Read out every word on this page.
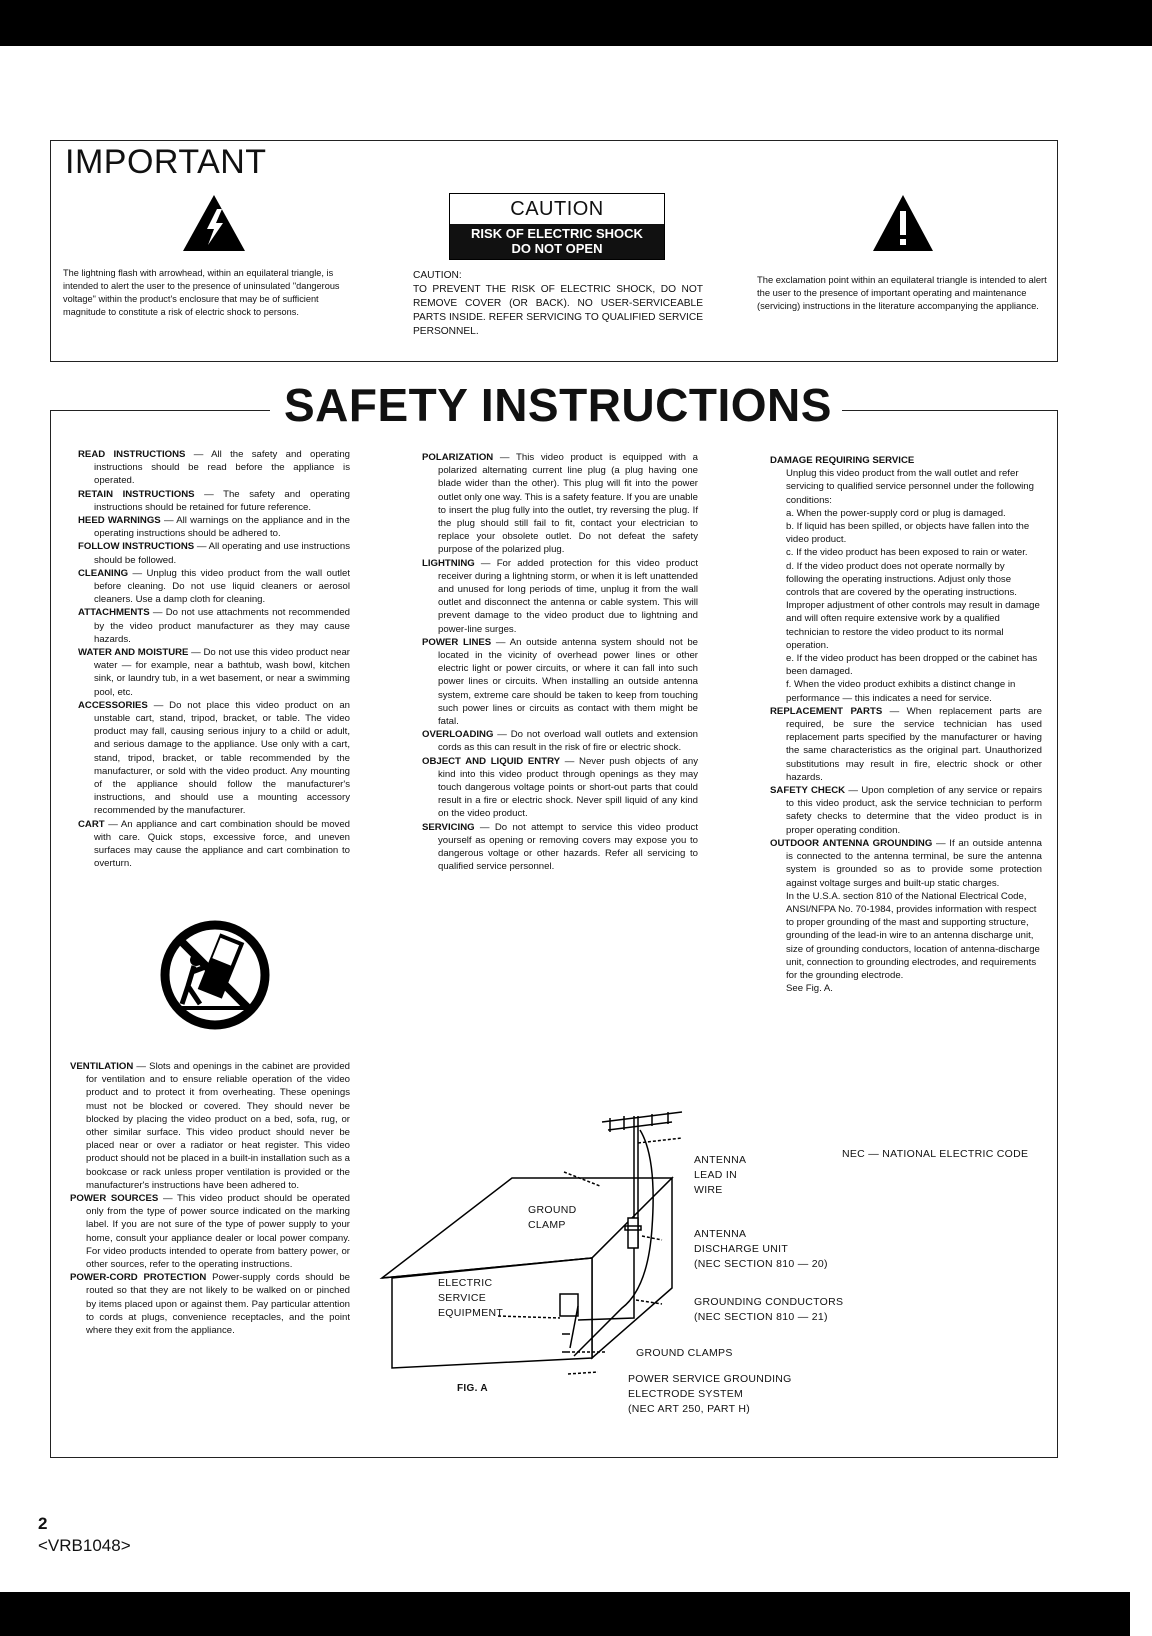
IMPORTANT
CAUTION
RISK OF ELECTRIC SHOCK
DO NOT OPEN
The lightning flash with arrowhead, within an equilateral triangle, is intended to alert the user to the presence of uninsulated "dangerous voltage" within the product's enclosure that may be of sufficient magnitude to constitute a risk of electric shock to persons.
CAUTION:
TO PREVENT THE RISK OF ELECTRIC SHOCK, DO NOT REMOVE COVER (OR BACK). NO USER-SERVICEABLE PARTS INSIDE. REFER SERVICING TO QUALIFIED SERVICE PERSONNEL.
The exclamation point within an equilateral triangle is intended to alert the user to the presence of important operating and maintenance (servicing) instructions in the literature accompanying the appliance.
SAFETY INSTRUCTIONS

READ INSTRUCTIONS — All the safety and operating instructions should be read before the appliance is operated.

RETAIN INSTRUCTIONS — The safety and operating instructions should be retained for future reference.

HEED WARNINGS — All warnings on the appliance and in the operating instructions should be adhered to.

FOLLOW INSTRUCTIONS — All operating and use instructions should be followed.

CLEANING — Unplug this video product from the wall outlet before cleaning. Do not use liquid cleaners or aerosol cleaners. Use a damp cloth for cleaning.

ATTACHMENTS — Do not use attachments not recommended by the video product manufacturer as they may cause hazards.

WATER AND MOISTURE — Do not use this video product near water — for example, near a bathtub, wash bowl, kitchen sink, or laundry tub, in a wet basement, or near a swimming pool, etc.

ACCESSORIES — Do not place this video product on an unstable cart, stand, tripod, bracket, or table. The video product may fall, causing serious injury to a child or adult, and serious damage to the appliance. Use only with a cart, stand, tripod, bracket, or table recommended by the manufacturer, or sold with the video product. Any mounting of the appliance should follow the manufacturer's instructions, and should use a mounting accessory recommended by the manufacturer.

CART — An appliance and cart combination should be moved with care. Quick stops, excessive force, and uneven surfaces may cause the appliance and cart combination to overturn.

VENTILATION — Slots and openings in the cabinet are provided for ventilation and to ensure reliable operation of the video product and to protect it from overheating. These openings must not be blocked or covered. They should never be blocked by placing the video product on a bed, sofa, rug, or other similar surface. This video product should never be placed near or over a radiator or heat register. This video product should not be placed in a built-in installation such as a bookcase or rack unless proper ventilation is provided or the manufacturer's instructions have been adhered to.

POWER SOURCES — This video product should be operated only from the type of power source indicated on the marking label. If you are not sure of the type of power supply to your home, consult your appliance dealer or local power company. For video products intended to operate from battery power, or other sources, refer to the operating instructions.

POWER-CORD PROTECTION Power-supply cords should be routed so that they are not likely to be walked on or pinched by items placed upon or against them. Pay particular attention to cords at plugs, convenience receptacles, and the point where they exit from the appliance.

POLARIZATION — This video product is equipped with a polarized alternating current line plug (a plug having one blade wider than the other). This plug will fit into the power outlet only one way. This is a safety feature. If you are unable to insert the plug fully into the outlet, try reversing the plug. If the plug should still fail to fit, contact your electrician to replace your obsolete outlet. Do not defeat the safety purpose of the polarized plug.

LIGHTNING — For added protection for this video product receiver during a lightning storm, or when it is left unattended and unused for long periods of time, unplug it from the wall outlet and disconnect the antenna or cable system. This will prevent damage to the video product due to lightning and power-line surges.

POWER LINES — An outside antenna system should not be located in the vicinity of overhead power lines or other electric light or power circuits, or where it can fall into such power lines or circuits. When installing an outside antenna system, extreme care should be taken to keep from touching such power lines or circuits as contact with them might be fatal.

OVERLOADING — Do not overload wall outlets and extension cords as this can result in the risk of fire or electric shock.

OBJECT AND LIQUID ENTRY — Never push objects of any kind into this video product through openings as they may touch dangerous voltage points or short-out parts that could result in a fire or electric shock. Never spill liquid of any kind on the video product.

SERVICING — Do not attempt to service this video product yourself as opening or removing covers may expose you to dangerous voltage or other hazards. Refer all servicing to qualified service personnel.

DAMAGE REQUIRING SERVICE

Unplug this video product from the wall outlet and refer servicing to qualified service personnel under the following conditions:
a. When the power-supply cord or plug is damaged.
b. If liquid has been spilled, or objects have fallen into the video product.
c. If the video product has been exposed to rain or water.
d. If the video product does not operate normally by following the operating instructions. Adjust only those controls that are covered by the operating instructions. Improper adjustment of other controls may result in damage and will often require extensive work by a qualified technician to restore the video product to its normal operation.
e. If the video product has been dropped or the cabinet has been damaged.
f. When the video product exhibits a distinct change in performance — this indicates a need for service.

REPLACEMENT PARTS — When replacement parts are required, be sure the service technician has used replacement parts specified by the manufacturer or having the same characteristics as the original part. Unauthorized substitutions may result in fire, electric shock or other hazards.

SAFETY CHECK — Upon completion of any service or repairs to this video product, ask the service technician to perform safety checks to determine that the video product is in proper operating condition.

OUTDOOR ANTENNA GROUNDING — If an outside antenna is connected to the antenna terminal, be sure the antenna system is grounded so as to provide some protection against voltage surges and built-up static charges.

In the U.S.A. section 810 of the National Electrical Code, ANSI/NFPA No. 70-1984, provides information with respect to proper grounding of the mast and supporting structure, grounding of the lead-in wire to an antenna discharge unit, size of grounding conductors, location of antenna-discharge unit, connection to grounding electrodes, and requirements for the grounding electrode.
See Fig. A.
NEC — NATIONAL ELECTRIC CODE
ANTENNA
LEAD IN
WIRE
GROUND
CLAMP
ANTENNA
DISCHARGE UNIT
(NEC SECTION 810 — 20)
ELECTRIC
SERVICE
EQUIPMENT
GROUNDING CONDUCTORS
(NEC SECTION 810 — 21)
GROUND CLAMPS
POWER SERVICE GROUNDING
ELECTRODE SYSTEM
(NEC ART 250, PART H)
FIG. A
2
<VRB1048>
